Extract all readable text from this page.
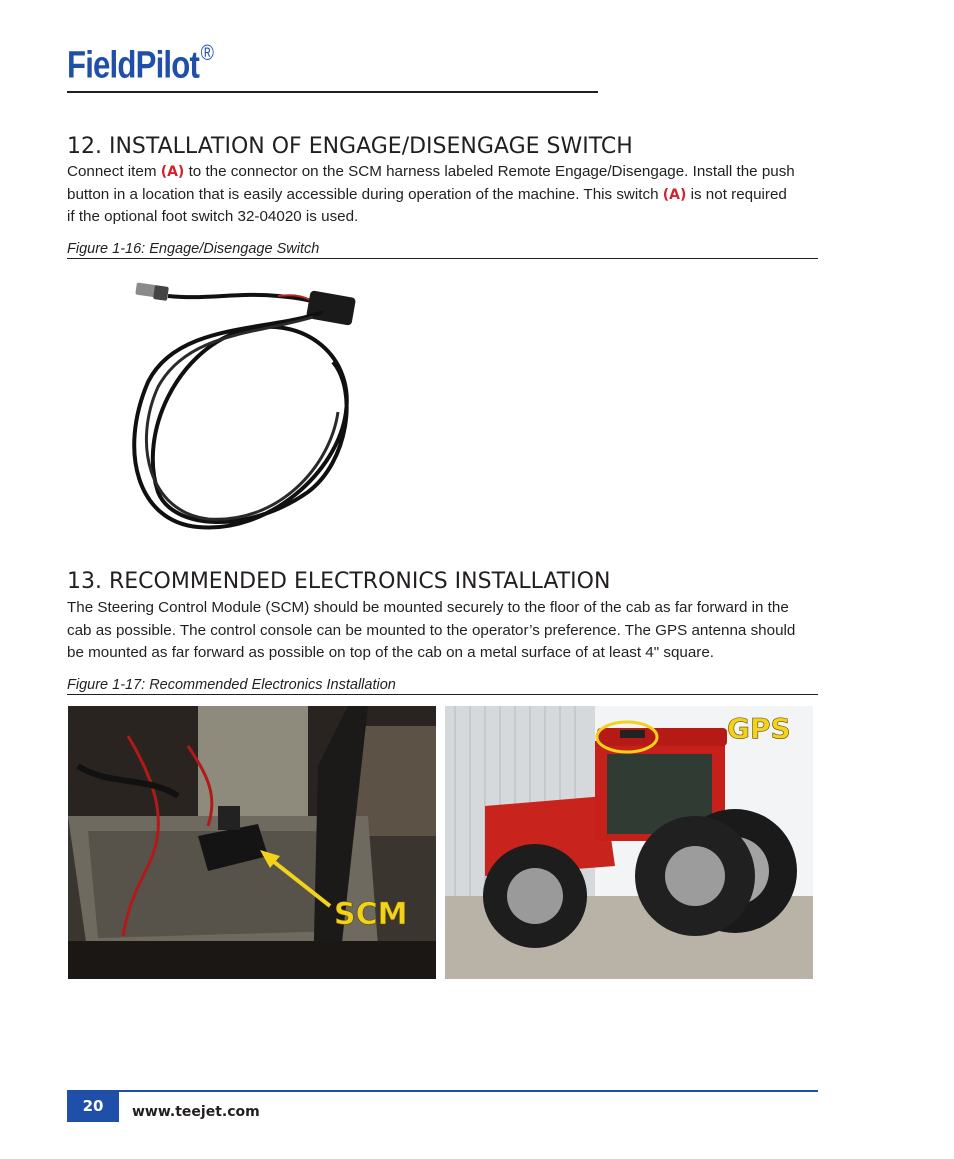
FieldPilot®
12. INSTALLATION OF ENGAGE/DISENGAGE SWITCH

Connect item (A) to the connector on the SCM harness labeled Remote Engage/Disengage. Install the push
button in a location that is easily accessible during operation of the machine. This switch (A) is not required
if the optional foot switch 32-04020 is used.

Figure 1-16: Engage/Disengage Switch
13. RECOMMENDED ELECTRONICS INSTALLATION

The Steering Control Module (SCM) should be mounted securely to the floor of the cab as far forward in the
cab as possible. The control console can be mounted to the operator’s preference. The GPS antenna should
be mounted as far forward as possible on top of the cab on a metal surface of at least 4" square.

Figure 1-17: Recommended Electronics Installation
SCM
GPS
20	www.teejet.com
